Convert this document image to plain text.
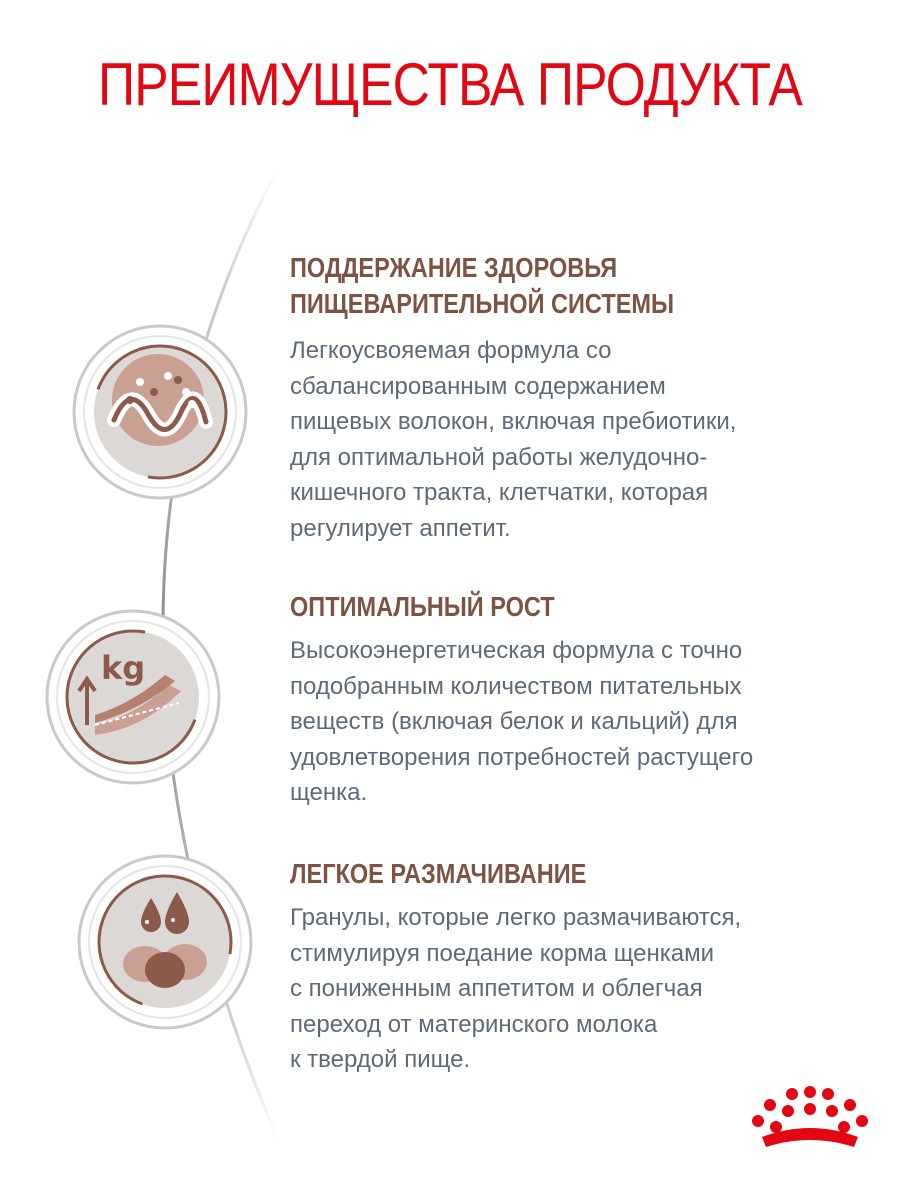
ПРЕИМУЩЕСТВА ПРОДУКТА
kg
ПОДДЕРЖАНИЕ ЗДОРОВЬЯ
ПИЩЕВАРИТЕЛЬНОЙ СИСТЕМЫ
Легкоусвояемая формула со
сбалансированным содержанием
пищевых волокон, включая пребиотики,
для оптимальной работы желудочно-
кишечного тракта, клетчатки, которая
регулирует аппетит.
ОПТИМАЛЬНЫЙ РОСТ
Высокоэнергетическая формула с точно
подобранным количеством питательных
веществ (включая белок и кальций) для
удовлетворения потребностей растущего
щенка.
ЛЕГКОЕ РАЗМАЧИВАНИЕ
Гранулы, которые легко размачиваются,
стимулируя поедание корма щенками
с пониженным аппетитом и облегчая
переход от материнского молока
к твердой пище.
